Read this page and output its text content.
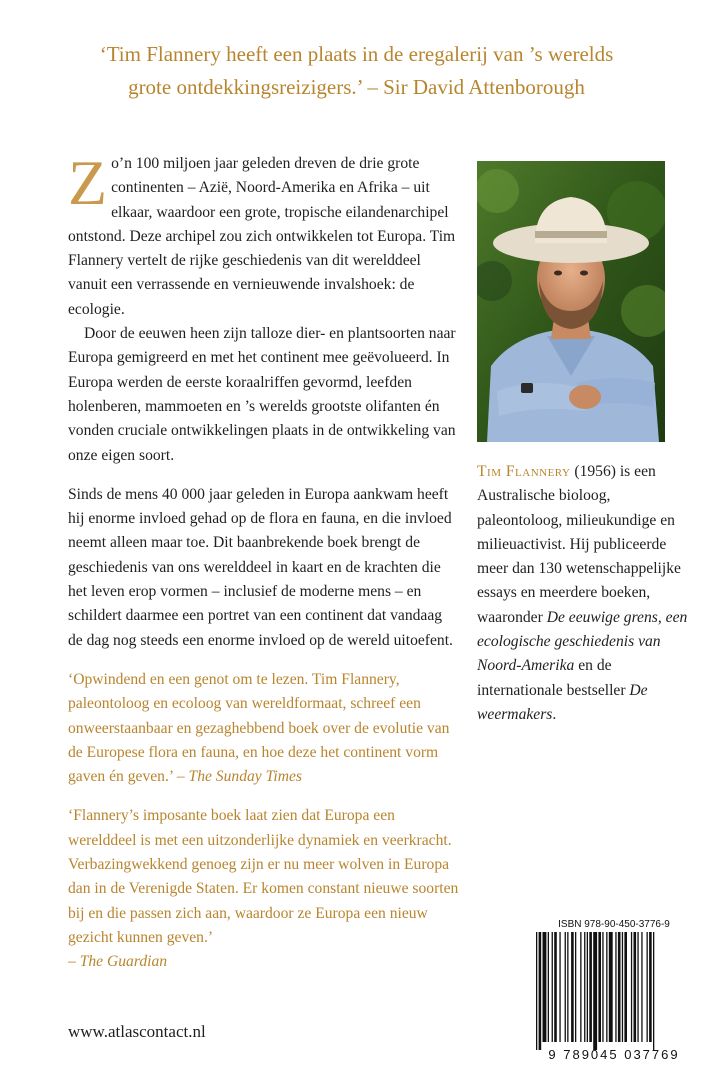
‘Tim Flannery heeft een plaats in de eregalerij van ’s werelds
grote ontdekkingsreizigers.’ – Sir David Attenborough

Zo’n 100 miljoen jaar geleden dreven de drie grote continenten – Azië, Noord-Amerika en Afrika – uit elkaar, waardoor een grote, tropische eilandenarchipel ontstond. Deze archipel zou zich ontwikkelen tot Europa. Tim Flannery vertelt de rijke geschiedenis van dit werelddeel vanuit een verrassende en vernieuwende invalshoek: de ecologie.

Door de eeuwen heen zijn talloze dier- en plantsoorten naar Europa gemigreerd en met het continent mee geëvolueerd. In Europa werden de eerste koraalriffen gevormd, leefden holenberen, mammoeten en ’s werelds grootste olifanten én vonden cruciale ontwikkelingen plaats in de ontwikkeling van onze eigen soort.

Sinds de mens 40 000 jaar geleden in Europa aankwam heeft hij enorme invloed gehad op de flora en fauna, en die invloed neemt alleen maar toe. Dit baanbrekende boek brengt de geschiedenis van ons werelddeel in kaart en de krachten die het leven erop vormen – inclusief de moderne mens – en schildert daarmee een portret van een continent dat vandaag de dag nog steeds een enorme invloed op de wereld uitoefent.

‘Opwindend en een genot om te lezen. Tim Flannery, paleontoloog en ecoloog van wereldformaat, schreef een onweerstaanbaar en gezaghebbend boek over de evolutie van de Europese flora en fauna, en hoe deze het continent vorm gaven én geven.’ – The Sunday Times

‘Flannery’s imposante boek laat zien dat Europa een werelddeel is met een uitzonderlijke dynamiek en veerkracht. Verbazingwekkend genoeg zijn er nu meer wolven in Europa dan in de Verenigde Staten. Er komen constant nieuwe soorten bij en die passen zich aan, waardoor ze Europa een nieuw gezicht kunnen geven.’
– The Guardian

Tim Flannery (1956) is een Australische bioloog, paleontoloog, milieukundige en milieuactivist. Hij publiceerde meer dan 130 wetenschappelijke essays en meerdere boeken, waaronder De eeuwige grens, een ecologische geschiedenis van Noord-Amerika en de internationale bestseller De weermakers.
ISBN 978-90-450-3776-9
9 789045 037769
www.atlascontact.nl
